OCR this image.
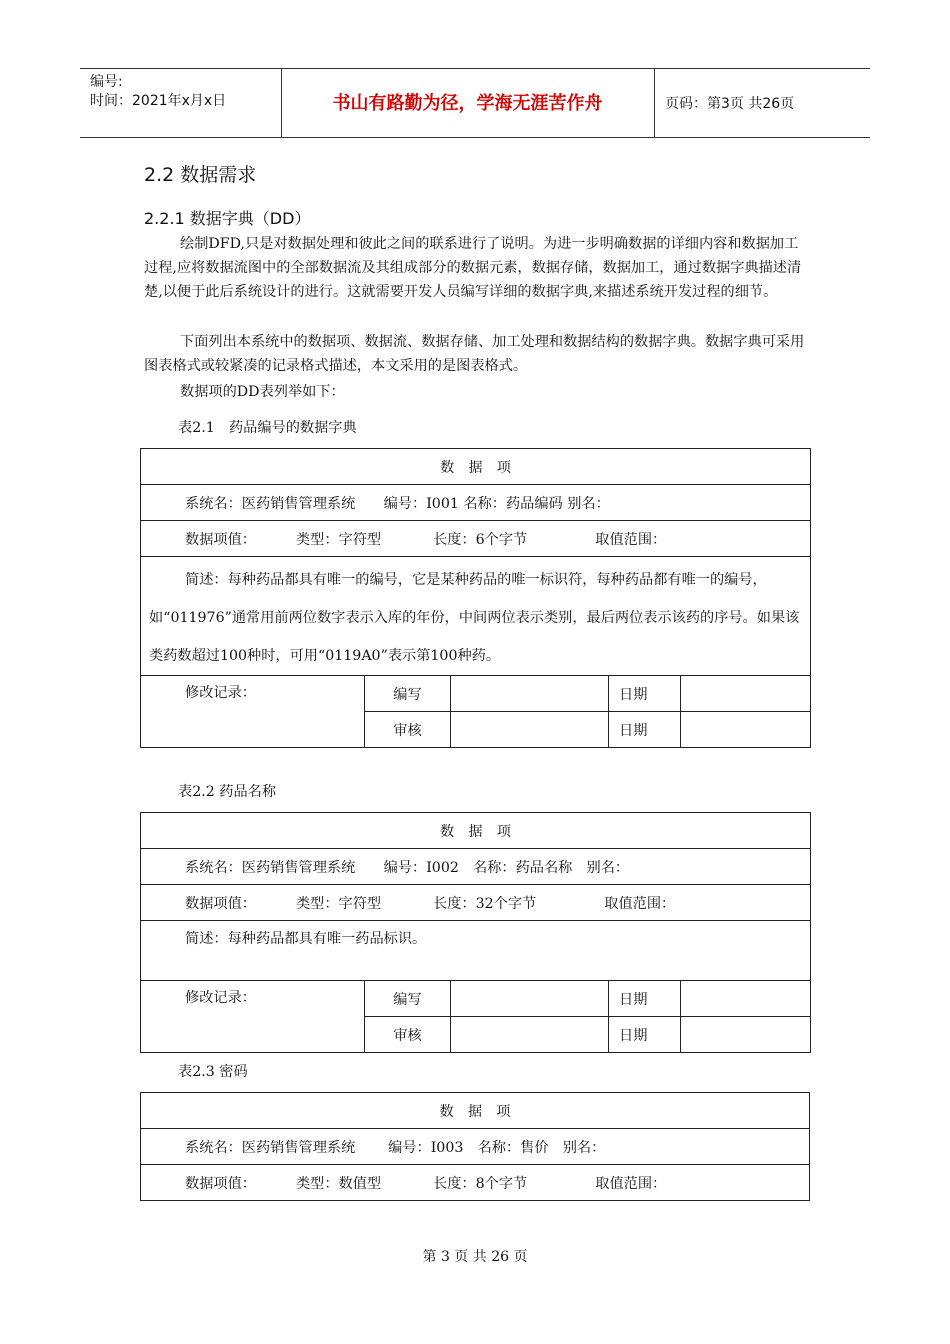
编号:
时间：2021年x月x日	书山有路勤为径，学海无涯苦作舟	页码：第3页 共26页
2.2 数据需求
2.2.1 数据字典（DD）

绘制DFD,只是对数据处理和彼此之间的联系进行了说明。为进一步明确数据的详细内容和数据加工过程,应将数据流图中的全部数据流及其组成部分的数据元素，数据存储，数据加工，通过数据字典描述清楚,以便于此后系统设计的进行。这就需要开发人员编写详细的数据字典,来描述系统开发过程的细节。

下面列出本系统中的数据项、数据流、数据存储、加工处理和数据结构的数据字典。数据字典可采用图表格式或较紧凑的记录格式描述，本文采用的是图表格式。

数据项的DD表列举如下：

表2.1　药品编号的数据字典

数　据　项				
系统名：医药销售管理系统　　编号：I001 名称：药品编码 别名：				
数据项值： 类型：字符型 长度：6个字节 取值范围：				
简述：每种药品都具有唯一的编号，它是某种药品的唯一标识符，每种药品都有唯一的编号，如“011976”通常用前两位数字表示入库的年份，中间两位表示类别，最后两位表示该药的序号。如果该类药数超过100种时，可用“0119A0”表示第100种药。				
修改记录：	编写		日期	
	审核		日期	

表2.2 药品名称

数　据　项				
系统名：医药销售管理系统　　编号：I002　名称：药品名称　别名：				
数据项值： 类型：字符型 长度：32个字节 取值范围：				
简述：每种药品都具有唯一药品标识。				
修改记录：	编写		日期	
	审核		日期	

表2.3 密码

数　据　项
系统名：医药销售管理系统　　 编号：I003　名称：售价　别名：
数据项值：	类型：数值型	长度：8个字节	取值范围：
第 3 页 共 26 页
